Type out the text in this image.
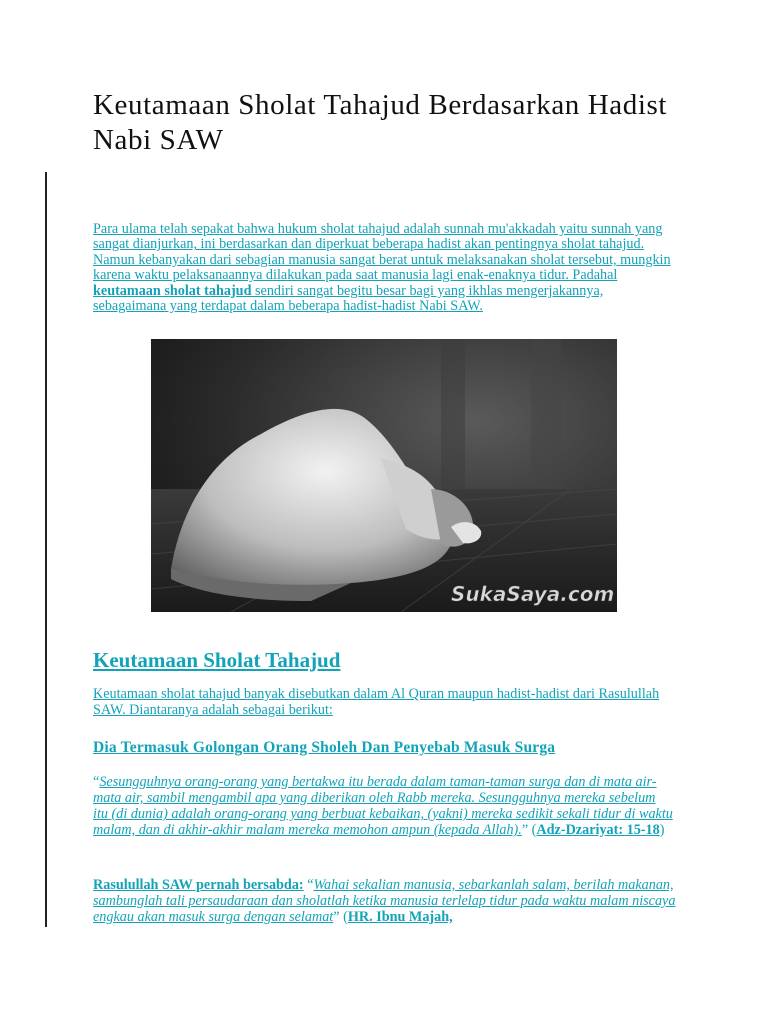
Keutamaan Sholat Tahajud Berdasarkan Hadist Nabi SAW

Para ulama telah sepakat bahwa hukum sholat tahajud adalah sunnah mu'akkadah yaitu sunnah yang sangat dianjurkan, ini berdasarkan dan diperkuat beberapa hadist akan pentingnya sholat tahajud. Namun kebanyakan dari sebagian manusia sangat berat untuk melaksanakan sholat tersebut, mungkin karena waktu pelaksanaannya dilakukan pada saat manusia lagi enak-enaknya tidur. Padahal keutamaan sholat tahajud sendiri sangat begitu besar bagi yang ikhlas mengerjakannya, sebagaimana yang terdapat dalam beberapa hadist-hadist Nabi SAW.

SukaSaya.com
Keutamaan Sholat Tahajud

Keutamaan sholat tahajud banyak disebutkan dalam Al Quran maupun hadist-hadist dari Rasulullah SAW. Diantaranya adalah sebagai berikut:

Dia Termasuk Golongan Orang Sholeh Dan Penyebab Masuk Surga

“Sesungguhnya orang-orang yang bertakwa itu berada dalam taman-taman surga dan di mata air-mata air, sambil mengambil apa yang diberikan oleh Rabb mereka. Sesungguhnya mereka sebelum itu (di dunia) adalah orang-orang yang berbuat kebaikan, (yakni) mereka sedikit sekali tidur di waktu malam, dan di akhir-akhir malam mereka memohon ampun (kepada Allah).” (Adz-Dzariyat: 15-18)

Rasulullah SAW pernah bersabda: “Wahai sekalian manusia, sebarkanlah salam, berilah makanan, sambunglah tali persaudaraan dan sholatlah ketika manusia terlelap tidur pada waktu malam niscaya engkau akan masuk surga dengan selamat” (HR. Ibnu Majah,
